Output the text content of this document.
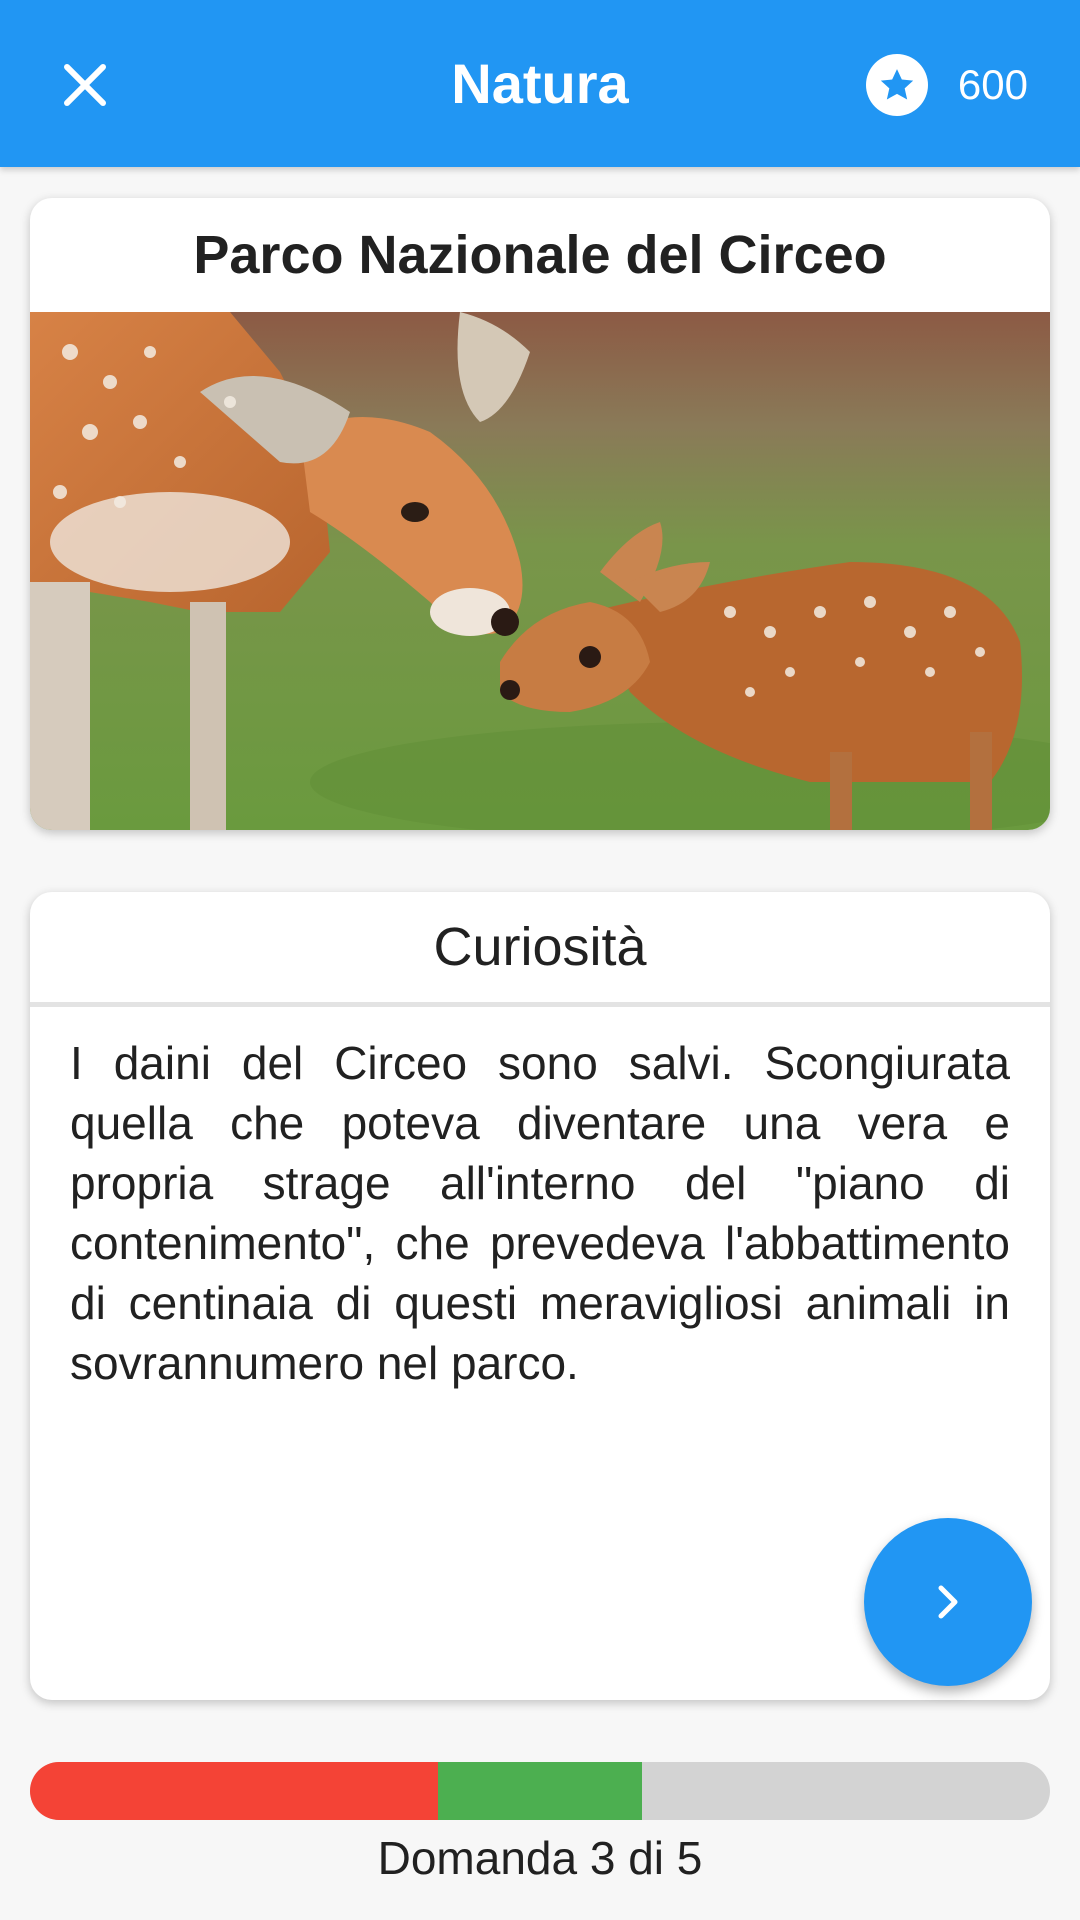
Natura	600
Parco Nazionale del Circeo
Curiosità

I daini del Circeo sono salvi. Scongiurata quella che poteva diventare una vera e propria strage all'interno del "piano di contenimento", che prevedeva l'abbattimento di centinaia di questi meravigliosi animali in sovrannumero nel parco.

Domanda 3 di 5
